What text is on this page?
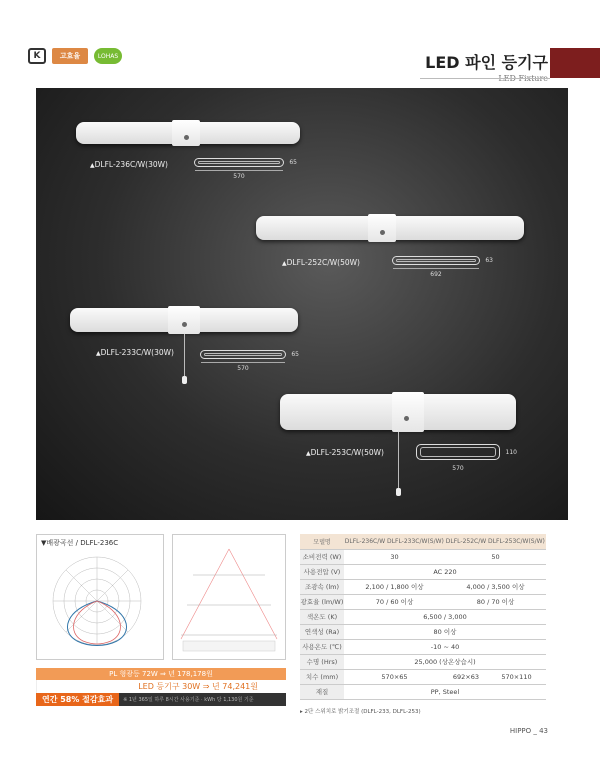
K	고효율	LOHAS	LED 파인 등기구
▲ DLFL-236C/W(30W)
570
65
▲ DLFL-252C/W(50W)
692
63
▲ DLFL-233C/W(30W)
570
65
▲ DLFL-253C/W(50W)
570
110
▼배광곡선 / DLFL-236C
PL 형광등 72W ⇒ 년 178,178원
LED 등기구 30W ⇒ 년 74,241원
연간 58% 절감효과	※ 1년 365일 하루 8시간 사용기준 · kWh 당 1,130원 기준
모델명	DLFL-236C/W	DLFL-233C/W(S/W)	DLFL-252C/W	DLFL-253C/W(S/W)
소비전력 (W)	30		50	
사용전압 (V)	AC 220			
조광속 (lm)	2,100 / 1,800 이상		4,000 / 3,500 이상	
광효율 (lm/W)	70 / 60 이상		80 / 70 이상	
색온도 (K)	6,500 / 3,000			
연색성 (Ra)	80 이상			
사용온도 (℃)	-10 ~ 40			
수명 (Hrs)	25,000 (상온상습시)			
치수 (mm)	570×65		692×63	570×110
재질	PP, Steel			
▸ 2단 스위치로 밝기조절 (DLFL-233, DLFL-253)
HIPPO _ 43
